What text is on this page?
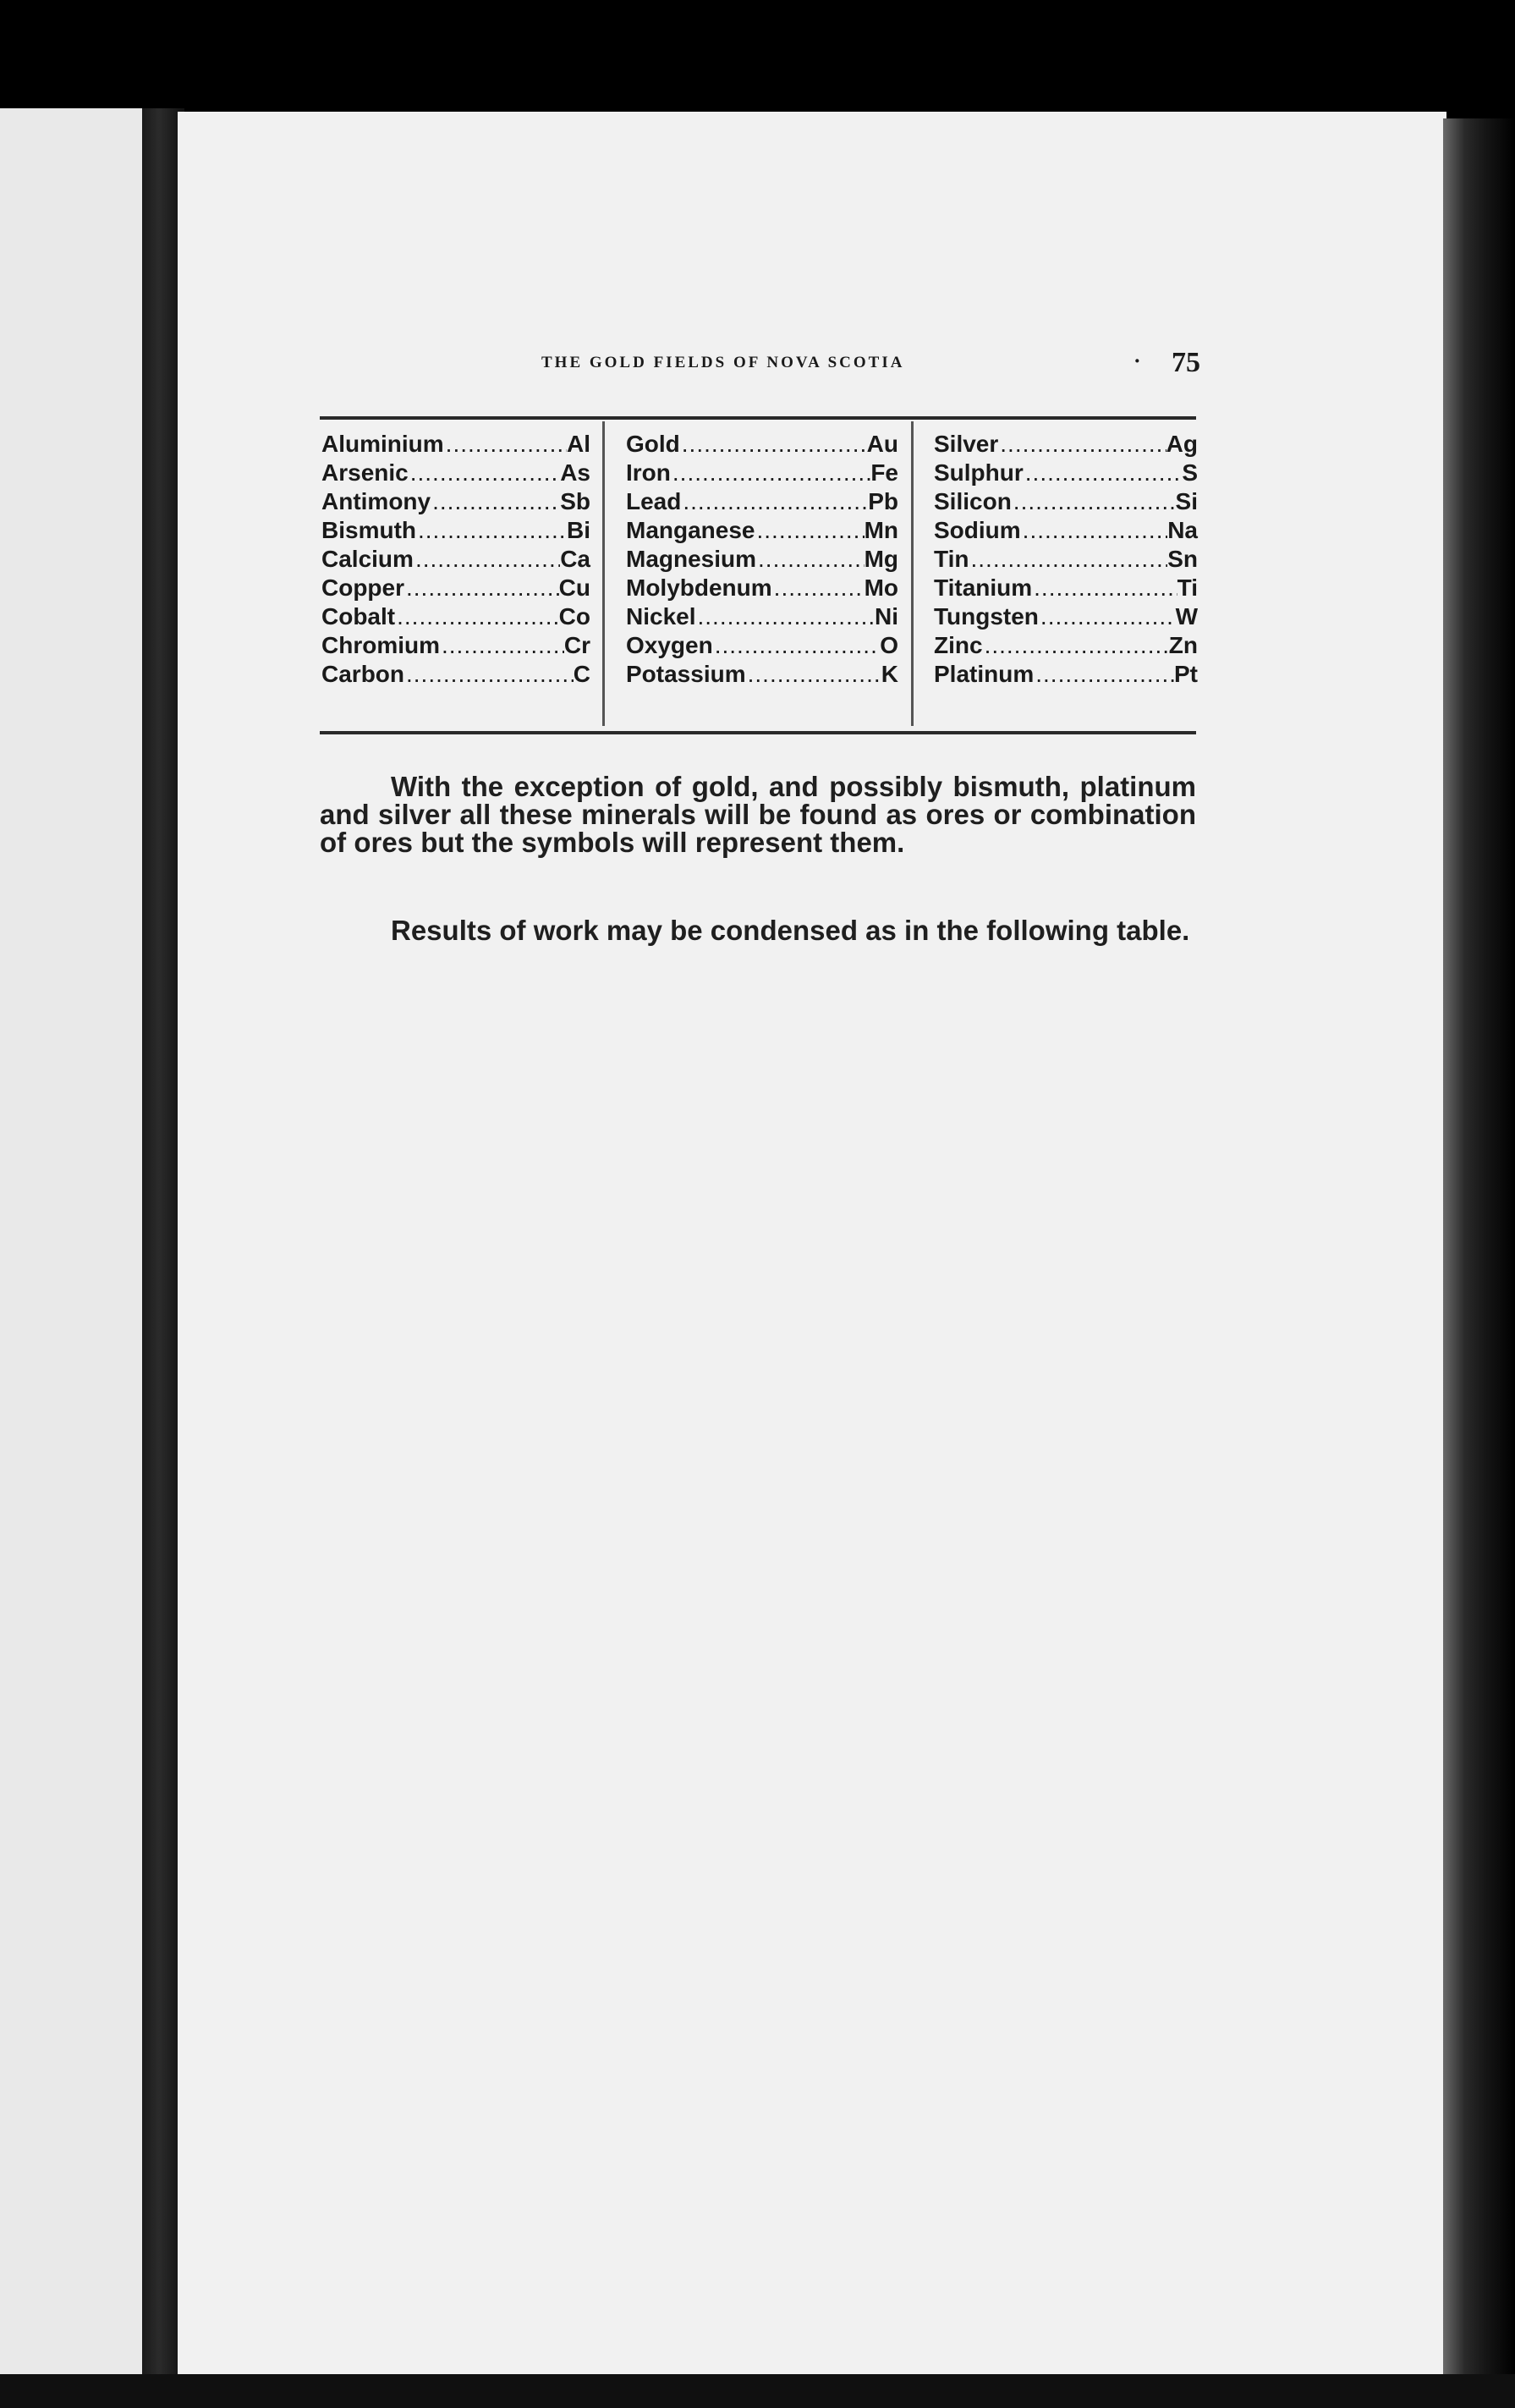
THE GOLD FIELDS OF NOVA SCOTIA	· 75
Aluminium .....	Al
Arsenic .....	As
Antimony .....	Sb
Bismuth .....	Bi
Calcium .....	Ca
Copper .....	Cu
Cobalt .....	Co
Chromium .....	Cr
Carbon .....	C
Gold .....	Au
Iron .....	Fe
Lead .....	Pb
Manganese .....	Mn
Magnesium .....	Mg
Molybdenum .....	Mo
Nickel .....	Ni
Oxygen .....	O
Potassium .....	K
Silver .....	Ag
Sulphur .....	S
Silicon .....	Si
Sodium .....	Na
Tin .....	Sn
Titanium .....	Ti
Tungsten .....	W
Zinc .....	Zn
Platinum .....	Pt

With the exception of gold, and possibly bismuth, platinum and silver all these minerals will be found as ores or combination of ores but the symbols will represent them.

Results of work may be condensed as in the following table.
